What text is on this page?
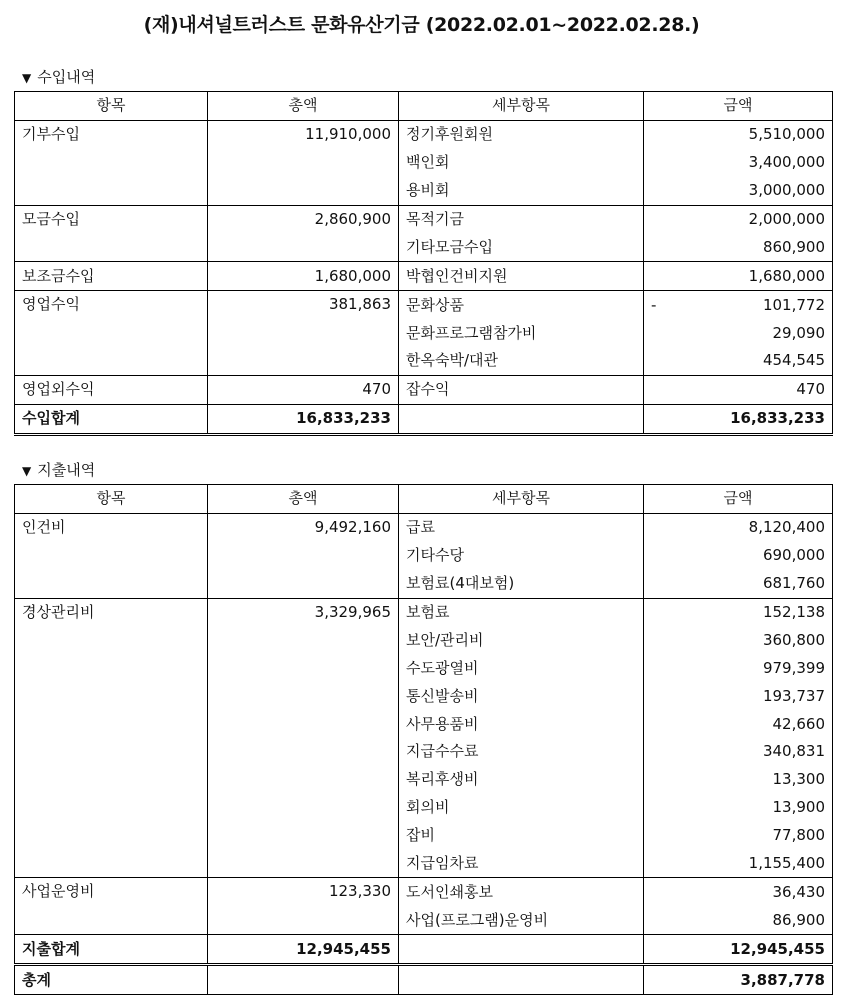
(재)내셔널트러스트 문화유산기금 (2022.02.01~2022.02.28.)
▼ 수입내역
항목	총액	세부항목	금액
기부수입	11,910,000	정기후원회원	5,510,000
		백인회	3,400,000
		용비회	3,000,000
모금수입	2,860,900	목적기금	2,000,000
		기타모금수입	860,900
보조금수입	1,680,000	박협인건비지원	1,680,000
영업수익	381,863	문화상품	- 101,772
		문화프로그램참가비	29,090
		한옥숙박/대관	454,545
영업외수익	470	잡수익	470
수입합계	16,833,233		16,833,233
▼ 지출내역
항목	총액	세부항목	금액
인건비	9,492,160	급료	8,120,400
		기타수당	690,000
		보험료(4대보험)	681,760
경상관리비	3,329,965	보험료	152,138
		보안/관리비	360,800
		수도광열비	979,399
		통신발송비	193,737
		사무용품비	42,660
		지급수수료	340,831
		복리후생비	13,300
		회의비	13,900
		잡비	77,800
		지급임차료	1,155,400
사업운영비	123,330	도서인쇄홍보	36,430
		사업(프로그램)운영비	86,900
지출합계	12,945,455		12,945,455
총계			3,887,778
